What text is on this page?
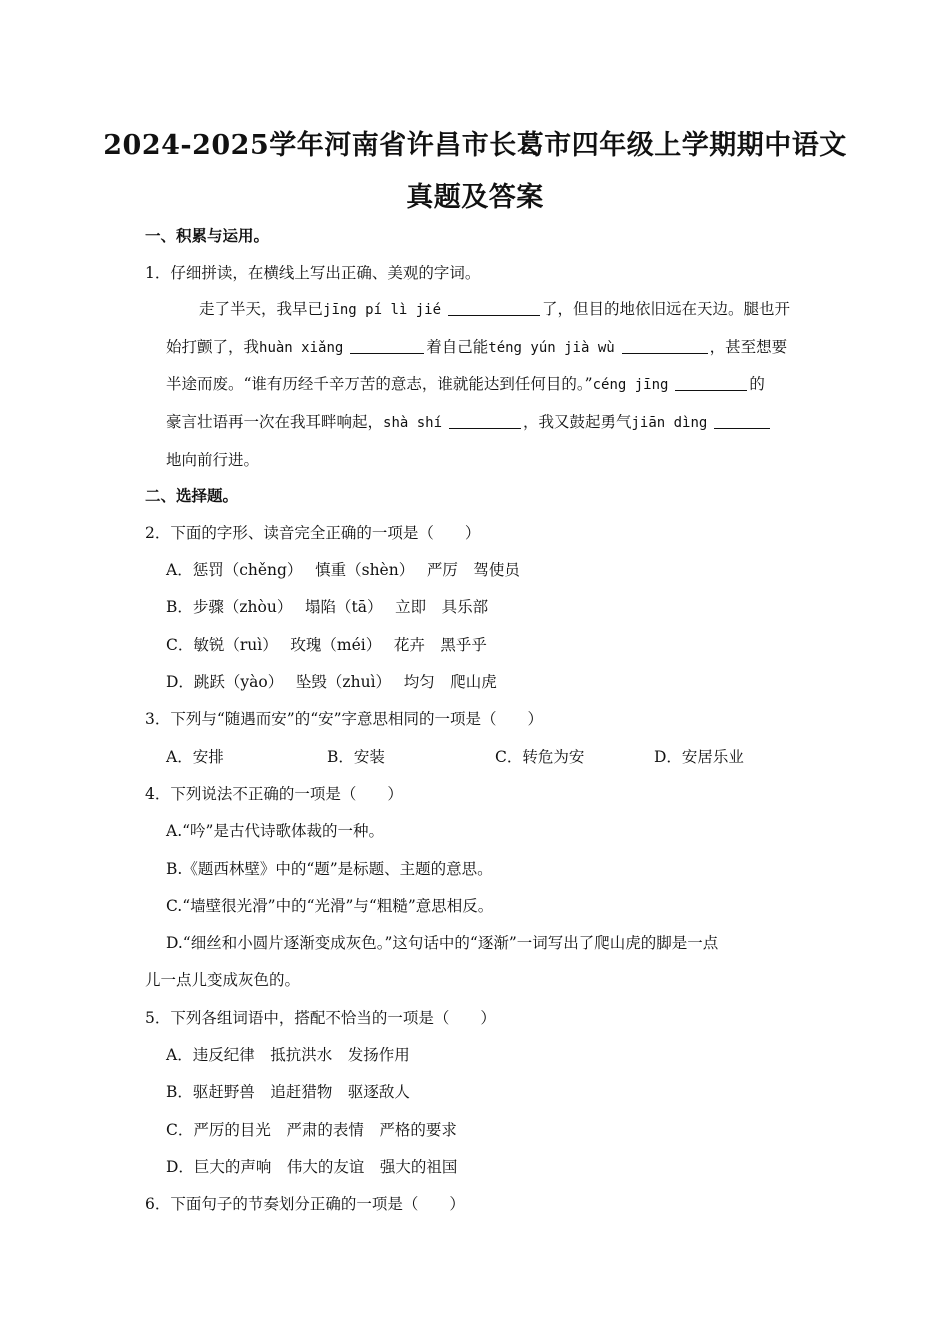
2024-2025学年河南省许昌市长葛市四年级上学期期中语文
真题及答案
一、积累与运用。
1．仔细拼读，在横线上写出正确、美观的字词。
走了半天，我早已jīng pí lì jié	了，但目的地依旧远在天边。腿也开
始打颤了，我huàn xiǎng	着自己能téng yún jià wù	，甚至想要
半途而废。“谁有历经千辛万苦的意志，谁就能达到任何目的。”céng jīng	的
豪言壮语再一次在我耳畔响起，shà shí	，我又鼓起勇气jiān dìng
地向前行进。
二、选择题。
2．下面的字形、读音完全正确的一项是（　　）
A．惩罚（chěng）　 慎重（shèn）　 严厉　驾使员
B．步骤（zhòu）　 塌陷（tā）　 立即　具乐部
C．敏锐（ruì）　 玫瑰（méi）　 花卉　黑乎乎
D．跳跃（yào）　 坠毁（zhuì）　 均匀　爬山虎
3．下列与“随遇而安”的“安”字意思相同的一项是（　　）
A．安排	B．安装	C．转危为安	D．安居乐业
4．下列说法不正确的一项是（　　）
A.“吟”是古代诗歌体裁的一种。
B.《题西林壁》中的“题”是标题、主题的意思。
C.“墙壁很光滑”中的“光滑”与“粗糙”意思相反。
D.“细丝和小圆片逐渐变成灰色。”这句话中的“逐渐”一词写出了爬山虎的脚是一点
儿一点儿变成灰色的。
5．下列各组词语中，搭配不恰当的一项是（　　）
A．违反纪律　抵抗洪水　发扬作用
B．驱赶野兽　追赶猎物　驱逐敌人
C．严厉的目光　严肃的表情　严格的要求
D．巨大的声响　伟大的友谊　强大的祖国
6．下面句子的节奏划分正确的一项是（　　）
